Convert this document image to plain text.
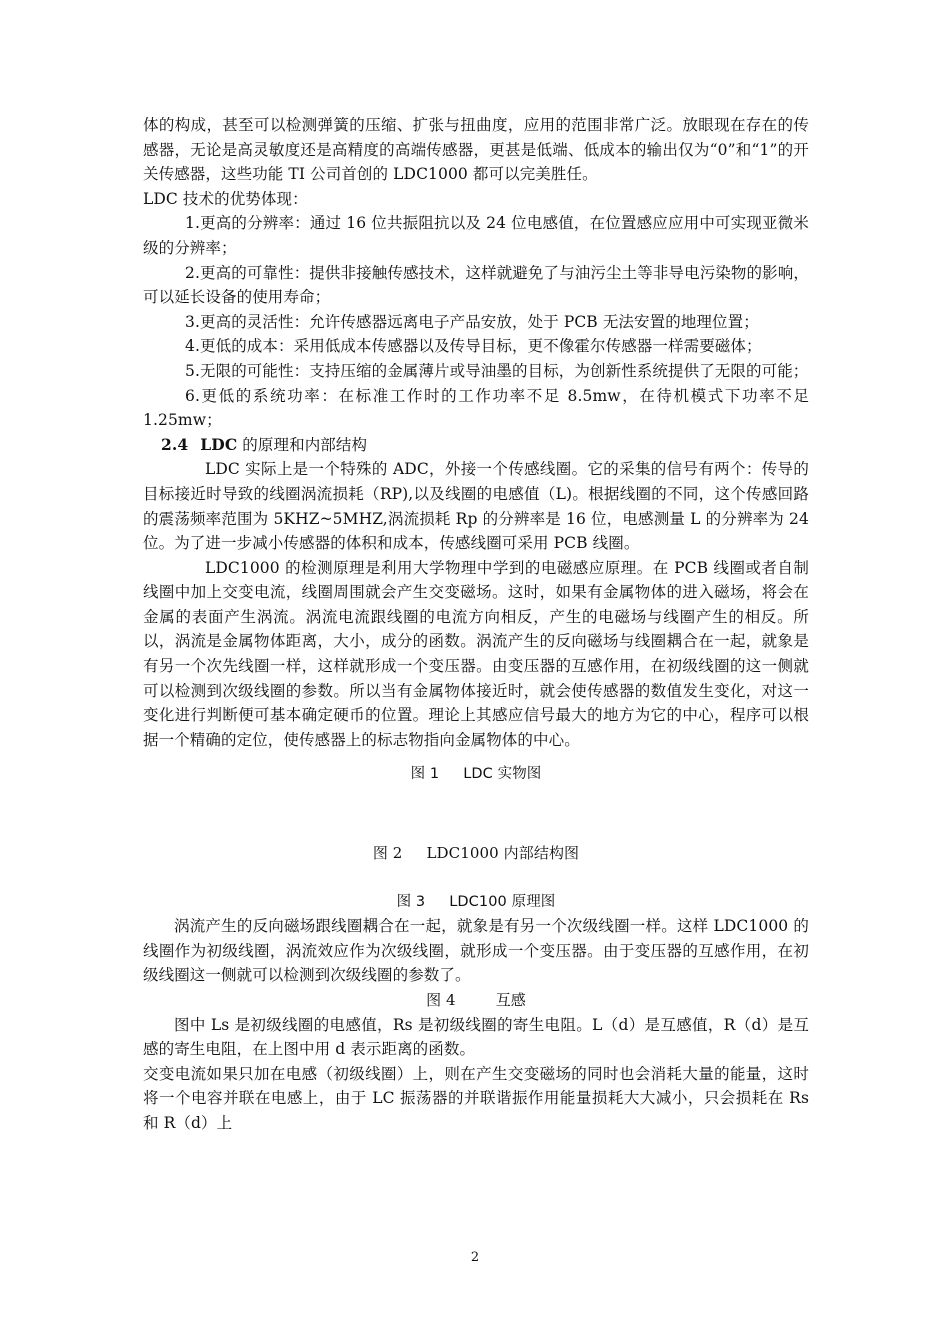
体的构成，甚至可以检测弹簧的压缩、扩张与扭曲度，应用的范围非常广泛。放眼现在存在的传感器，无论是高灵敏度还是高精度的高端传感器，更甚是低端、低成本的输出仅为“0”和“1”的开关传感器，这些功能 TI 公司首创的 LDC1000 都可以完美胜任。

LDC 技术的优势体现：

1.更高的分辨率：通过 16 位共振阻抗以及 24 位电感值，在位置感应应用中可实现亚微米级的分辨率；

2.更高的可靠性：提供非接触传感技术，这样就避免了与油污尘土等非导电污染物的影响，可以延长设备的使用寿命；

3.更高的灵活性：允许传感器远离电子产品安放，处于 PCB 无法安置的地理位置；

4.更低的成本：采用低成本传感器以及传导目标，更不像霍尔传感器一样需要磁体；

5.无限的可能性：支持压缩的金属薄片或导油墨的目标，为创新性系统提供了无限的可能；

6.更低的系统功率：在标准工作时的工作功率不足 8.5mw，在待机模式下功率不足1.25mw；

2.4 LDC 的原理和内部结构

LDC 实际上是一个特殊的 ADC，外接一个传感线圈。它的采集的信号有两个：传导的目标接近时导致的线圈涡流损耗（RP),以及线圈的电感值（L)。根据线圈的不同，这个传感回路的震荡频率范围为 5KHZ~5MHZ,涡流损耗 Rp 的分辨率是 16 位，电感测量 L 的分辨率为 24 位。为了进一步减小传感器的体积和成本，传感线圈可采用 PCB 线圈。

LDC1000 的检测原理是利用大学物理中学到的电磁感应原理。在 PCB 线圈或者自制线圈中加上交变电流，线圈周围就会产生交变磁场。这时，如果有金属物体的进入磁场，将会在金属的表面产生涡流。涡流电流跟线圈的电流方向相反，产生的电磁场与线圈产生的相反。所以，涡流是金属物体距离，大小，成分的函数。涡流产生的反向磁场与线圈耦合在一起，就象是有另一个次先线圈一样，这样就形成一个变压器。由变压器的互感作用，在初级线圈的这一侧就可以检测到次级线圈的参数。所以当有金属物体接近时，就会使传感器的数值发生变化，对这一变化进行判断便可基本确定硬币的位置。理论上其感应信号最大的地方为它的中心，程序可以根据一个精确的定位，使传感器上的标志物指向金属物体的中心。

图 1 LDC 实物图

图 2 LDC1000 内部结构图

图 3 LDC100 原理图

涡流产生的反向磁场跟线圈耦合在一起，就象是有另一个次级线圈一样。这样 LDC1000 的线圈作为初级线圈，涡流效应作为次级线圈，就形成一个变压器。由于变压器的互感作用，在初级线圈这一侧就可以检测到次级线圈的参数了。

图 4	互感

图中 Ls 是初级线圈的电感值，Rs 是初级线圈的寄生电阻。L（d）是互感值，R（d）是互感的寄生电阻，在上图中用 d 表示距离的函数。

交变电流如果只加在电感（初级线圈）上，则在产生交变磁场的同时也会消耗大量的能量，这时将一个电容并联在电感上，由于 LC 振荡器的并联谐振作用能量损耗大大减小，只会损耗在 Rs 和 R（d）上

2
